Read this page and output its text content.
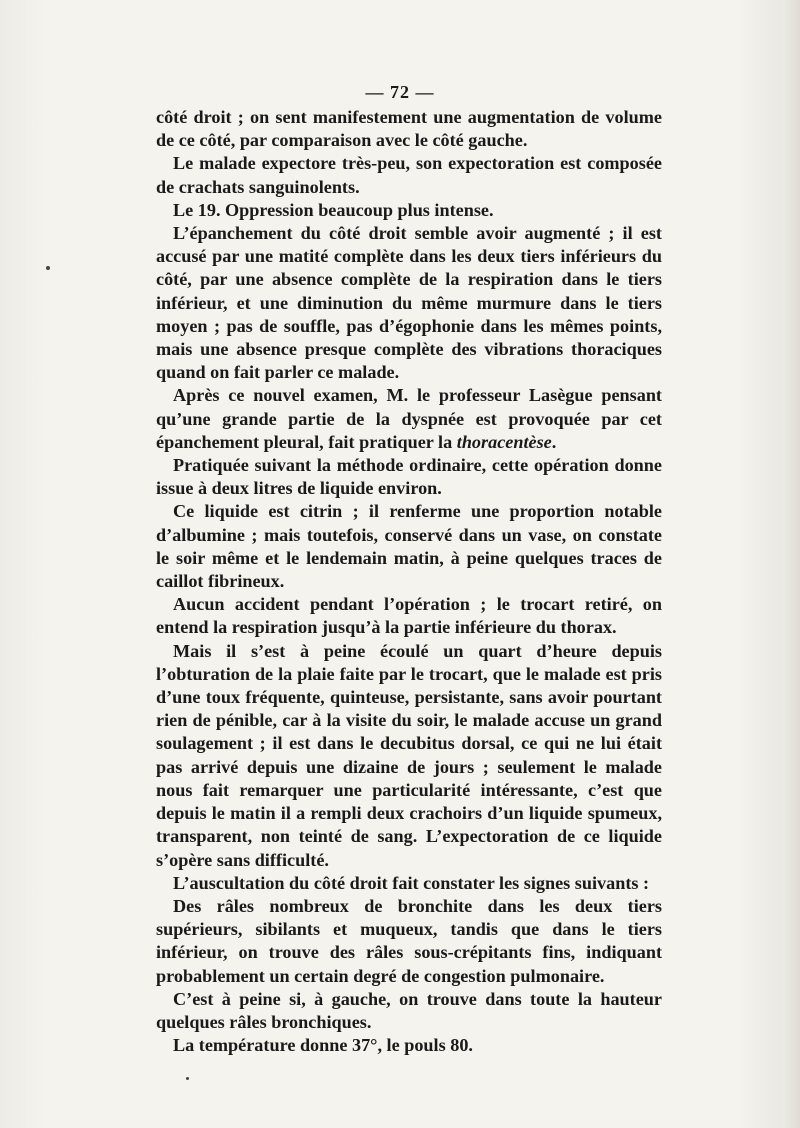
— 72 —

côté droit ; on sent manifestement une augmentation de volume de ce côté, par comparaison avec le côté gauche.

Le malade expectore très-peu, son expectoration est composée de crachats sanguinolents.

Le 19. Oppression beaucoup plus intense.

L’épanchement du côté droit semble avoir augmenté ; il est accusé par une matité complète dans les deux tiers inférieurs du côté, par une absence complète de la respiration dans le tiers inférieur, et une diminution du même murmure dans le tiers moyen ; pas de souffle, pas d’égophonie dans les mêmes points, mais une absence presque complète des vibrations thoraciques quand on fait parler ce malade.

Après ce nouvel examen, M. le professeur Lasègue pensant qu’une grande partie de la dyspnée est provoquée par cet épanchement pleural, fait pratiquer la thoracentèse.

Pratiquée suivant la méthode ordinaire, cette opération donne issue à deux litres de liquide environ.

Ce liquide est citrin ; il renferme une proportion notable d’albumine ; mais toutefois, conservé dans un vase, on constate le soir même et le lendemain matin, à peine quelques traces de caillot fibrineux.

Aucun accident pendant l’opération ; le trocart retiré, on entend la respiration jusqu’à la partie inférieure du thorax.

Mais il s’est à peine écoulé un quart d’heure depuis l’obturation de la plaie faite par le trocart, que le malade est pris d’une toux fréquente, quinteuse, persistante, sans avoir pourtant rien de pénible, car à la visite du soir, le malade accuse un grand soulagement ; il est dans le decubitus dorsal, ce qui ne lui était pas arrivé depuis une dizaine de jours ; seulement le malade nous fait remarquer une particularité intéressante, c’est que depuis le matin il a rempli deux crachoirs d’un liquide spumeux, transparent, non teinté de sang. L’expectoration de ce liquide s’opère sans difficulté.

L’auscultation du côté droit fait constater les signes suivants :

Des râles nombreux de bronchite dans les deux tiers supérieurs, sibilants et muqueux, tandis que dans le tiers inférieur, on trouve des râles sous-crépitants fins, indiquant probablement un certain degré de congestion pulmonaire.

C’est à peine si, à gauche, on trouve dans toute la hauteur quelques râles bronchiques.

La température donne 37°, le pouls 80.
